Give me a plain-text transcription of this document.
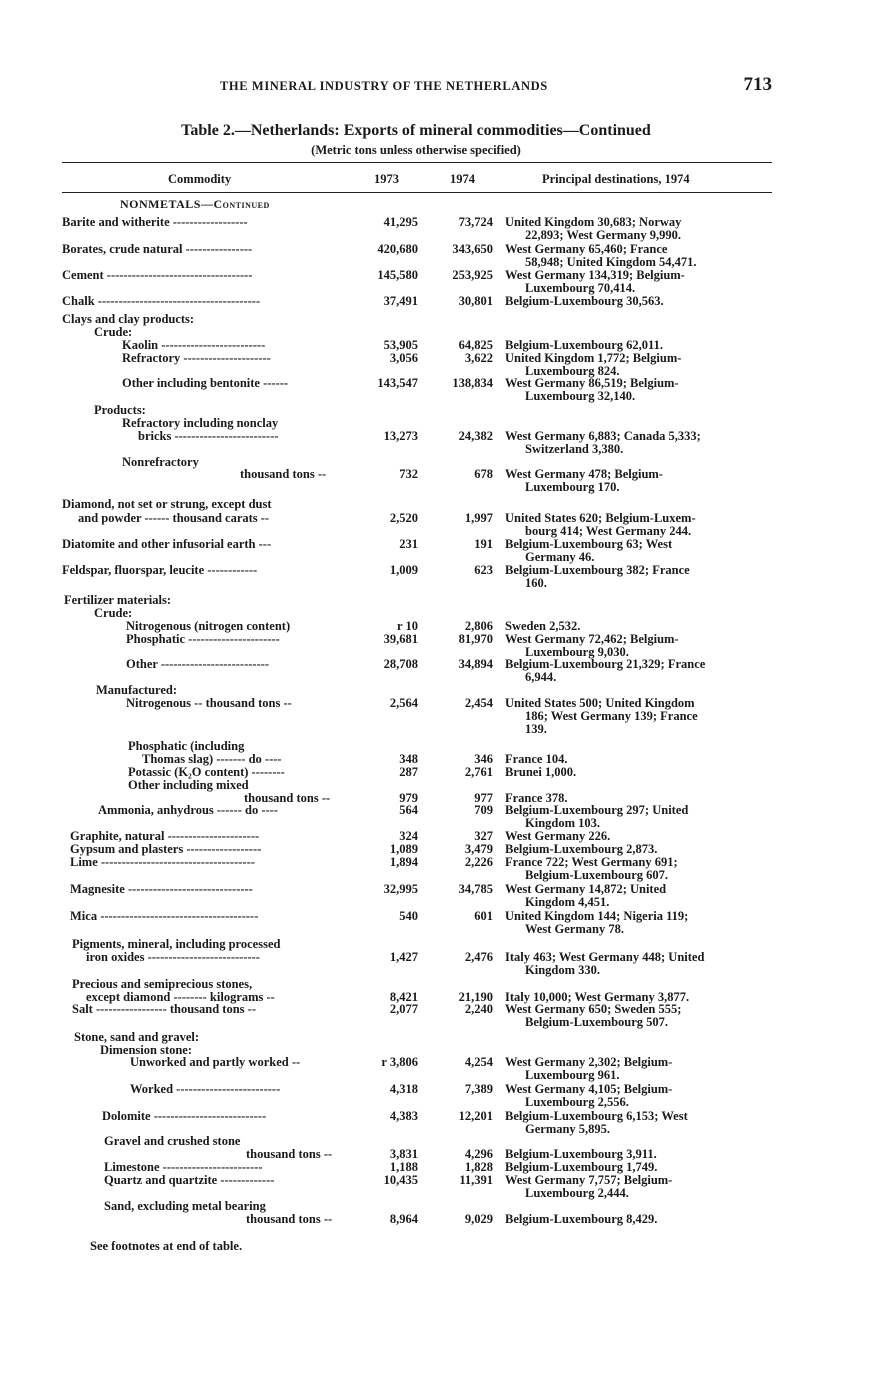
THE MINERAL INDUSTRY OF THE NETHERLANDS	713
Table 2.—Netherlands: Exports of mineral commodities—Continued
(Metric tons unless otherwise specified)
Commodity	1973	1974	Principal destinations, 1974
NONMETALS—Continued
Barite and witherite ------------------	41,295	73,724 United Kingdom 30,683; Norway
22,893; West Germany 9,990.
Borates, crude natural ----------------	420,680	343,650 West Germany 65,460; France
58,948; United Kingdom 54,471.
Cement -----------------------------------	145,580	253,925 West Germany 134,319; Belgium-
Luxembourg 70,414.
Chalk ---------------------------------------	37,491	30,801 Belgium-Luxembourg 30,563.
Clays and clay products:
Crude:
Kaolin -------------------------	53,905	64,825 Belgium-Luxembourg 62,011.
Refractory ---------------------	3,056	3,622 United Kingdom 1,772; Belgium-
Luxembourg 824.
Other including bentonite ------	143,547	138,834 West Germany 86,519; Belgium-
Luxembourg 32,140.
Products:
Refractory including nonclay
bricks -------------------------	13,273	24,382 West Germany 6,883; Canada 5,333;
Switzerland 3,380.
Nonrefractory
thousand tons --	732	678 West Germany 478; Belgium-
Luxembourg 170.
Diamond, not set or strung, except dust
and powder ------ thousand carats --	2,520	1,997 United States 620; Belgium-Luxem-
bourg 414; West Germany 244.
Diatomite and other infusorial earth ---	231	191 Belgium-Luxembourg 63; West
Germany 46.
Feldspar, fluorspar, leucite ------------	1,009	623 Belgium-Luxembourg 382; France
160.
Fertilizer materials:
Crude:
Nitrogenous (nitrogen content)	r 10	2,806 Sweden 2,532.
Phosphatic ----------------------	39,681	81,970 West Germany 72,462; Belgium-
Luxembourg 9,030.
Other --------------------------	28,708	34,894 Belgium-Luxembourg 21,329; France
6,944.
Manufactured:
Nitrogenous -- thousand tons --	2,564	2,454 United States 500; United Kingdom
186; West Germany 139; France
139.
Phosphatic (including
Thomas slag) ------- do ----	348	346 France 104.
Potassic (K₂O content) --------	287	2,761 Brunei 1,000.
Other including mixed
thousand tons --	979	977 France 378.
Ammonia, anhydrous ------ do ----	564	709 Belgium-Luxembourg 297; United
Kingdom 103.
Graphite, natural ----------------------	324	327 West Germany 226.
Gypsum and plasters ------------------	1,089	3,479 Belgium-Luxembourg 2,873.
Lime -------------------------------------	1,894	2,226 France 722; West Germany 691;
Belgium-Luxembourg 607.
Magnesite ------------------------------	32,995	34,785 West Germany 14,872; United
Kingdom 4,451.
Mica --------------------------------------	540	601 United Kingdom 144; Nigeria 119;
West Germany 78.
Pigments, mineral, including processed
iron oxides ---------------------------	1,427	2,476 Italy 463; West Germany 448; United
Kingdom 330.
Precious and semiprecious stones,
except diamond -------- kilograms --	8,421	21,190 Italy 10,000; West Germany 3,877.
Salt ----------------- thousand tons --	2,077	2,240 West Germany 650; Sweden 555;
Belgium-Luxembourg 507.
Stone, sand and gravel:
Dimension stone:
Unworked and partly worked --	r 3,806	4,254 West Germany 2,302; Belgium-
Luxembourg 961.
Worked -------------------------	4,318	7,389 West Germany 4,105; Belgium-
Luxembourg 2,556.
Dolomite ---------------------------	4,383	12,201 Belgium-Luxembourg 6,153; West
Germany 5,895.
Gravel and crushed stone
thousand tons --	3,831	4,296 Belgium-Luxembourg 3,911.
Limestone ------------------------	1,188	1,828 Belgium-Luxembourg 1,749.
Quartz and quartzite -------------	10,435	11,391 West Germany 7,757; Belgium-
Luxembourg 2,444.
Sand, excluding metal bearing
thousand tons --	8,964	9,029 Belgium-Luxembourg 8,429.
See footnotes at end of table.
